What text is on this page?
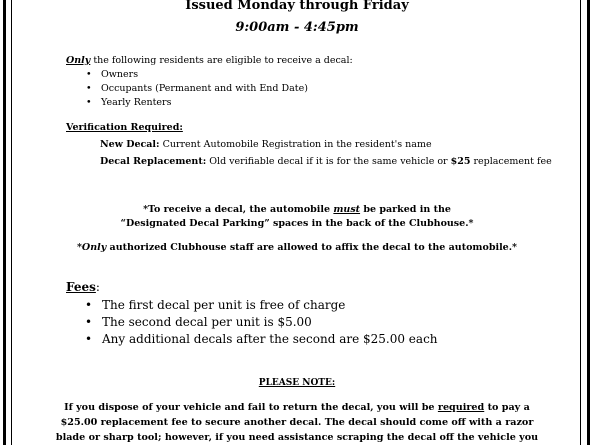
Issued Monday through Friday
9:00am - 4:45pm
Only the following residents are eligible to receive a decal:
• Owners
• Occupants (Permanent and with End Date)
• Yearly Renters
Verification Required:
New Decal: Current Automobile Registration in the resident's name
Decal Replacement: Old verifiable decal if it is for the same vehicle or $25 replacement fee
*To receive a decal, the automobile must be parked in the
“Designated Decal Parking” spaces in the back of the Clubhouse.*
*Only authorized Clubhouse staff are allowed to affix the decal to the automobile.*
Fees:
• The first decal per unit is free of charge
• The second decal per unit is $5.00
• Any additional decals after the second are $25.00 each
PLEASE NOTE:
If you dispose of your vehicle and fail to return the decal, you will be required to pay a
$25.00 replacement fee to secure another decal. The decal should come off with a razor
blade or sharp tool; however, if you need assistance scraping the decal off the vehicle you
